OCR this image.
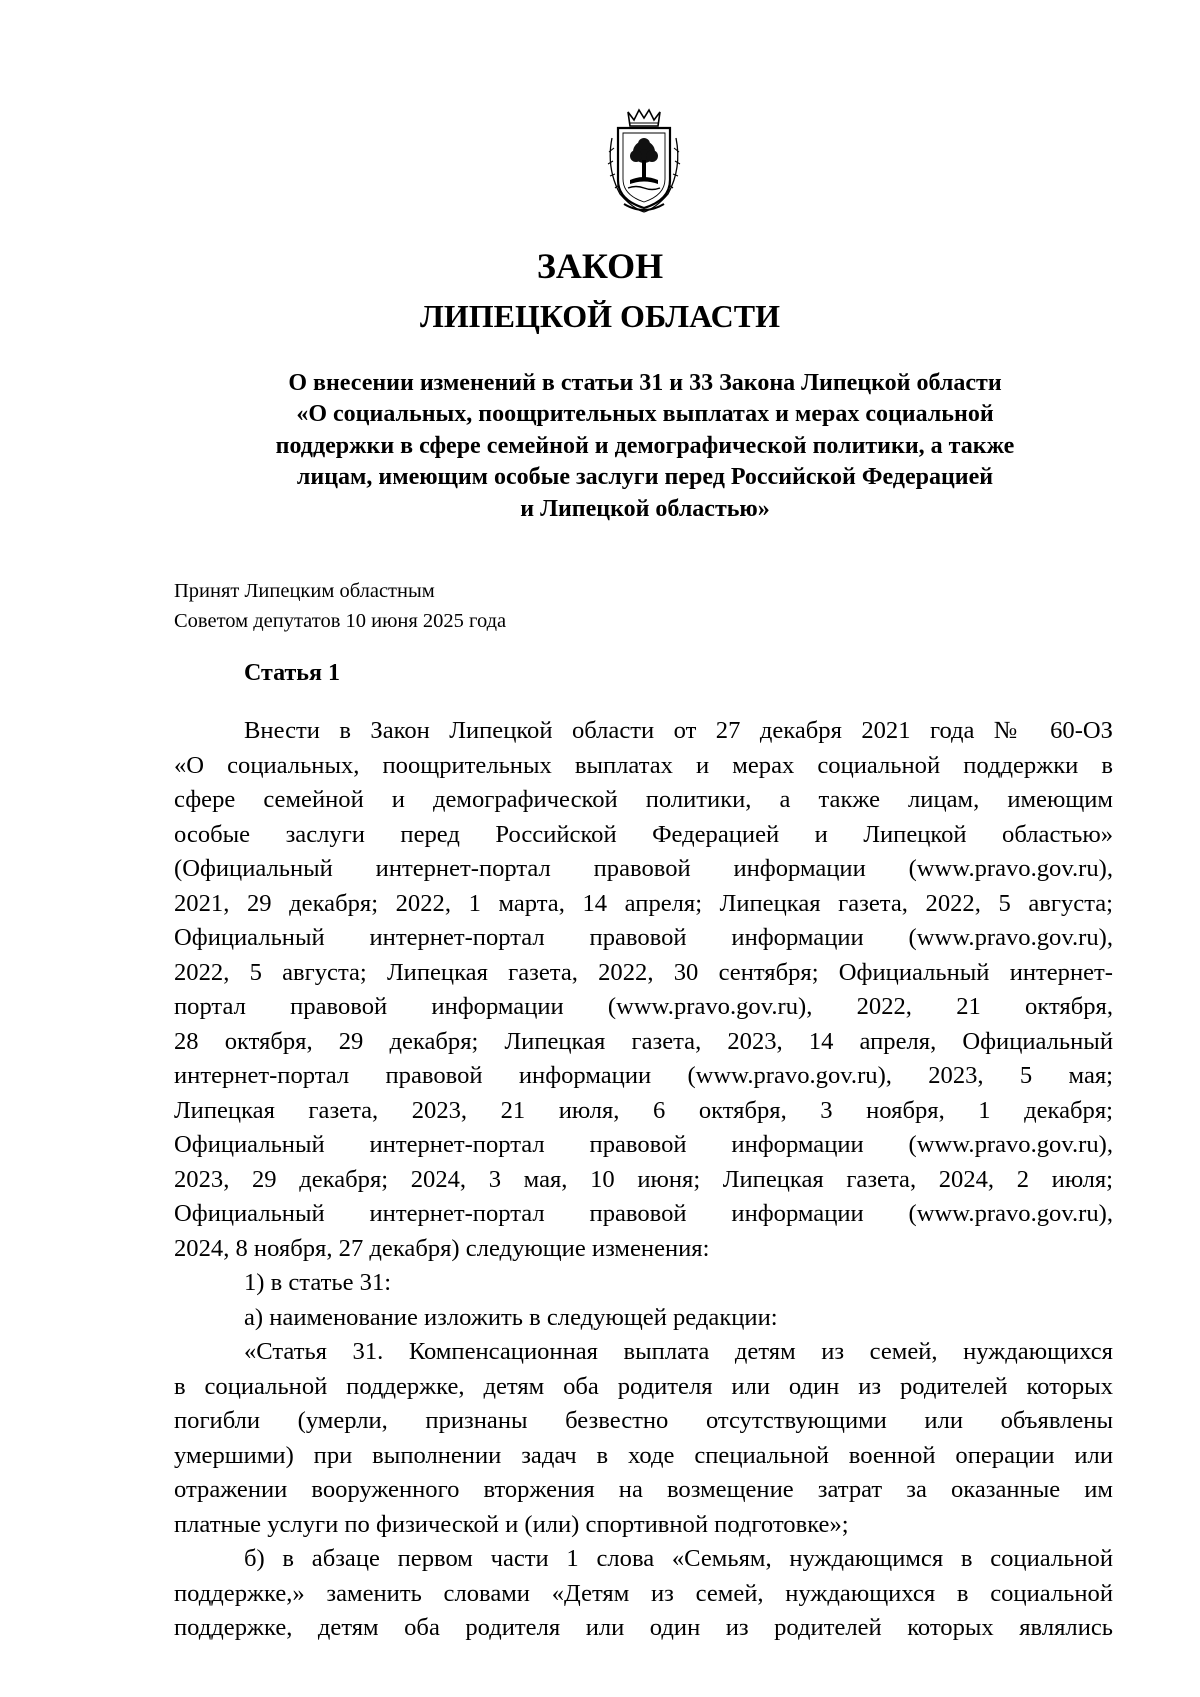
ЗАКОН
ЛИПЕЦКОЙ ОБЛАСТИ
О внесении изменений в статьи 31 и 33 Закона Липецкой области
«О социальных, поощрительных выплатах и мерах социальной
поддержки в сфере семейной и демографической политики, а также
лицам, имеющим особые заслуги перед Российской Федерацией
и Липецкой областью»
Принят Липецким областным
Советом депутатов 10 июня 2025 года
Статья 1
Внести в Закон Липецкой области от 27 декабря 2021 года № 60-ОЗ
«О социальных, поощрительных выплатах и мерах социальной поддержки в
сфере семейной и демографической политики, а также лицам, имеющим
особые заслуги перед Российской Федерацией и Липецкой областью»
(Официальный интернет-портал правовой информации (www.pravo.gov.ru),
2021, 29 декабря; 2022, 1 марта, 14 апреля; Липецкая газета, 2022, 5 августа;
Официальный интернет-портал правовой информации (www.pravo.gov.ru),
2022, 5 августа; Липецкая газета, 2022, 30 сентября; Официальный интернет-
портал правовой информации (www.pravo.gov.ru), 2022, 21 октября,
28 октября, 29 декабря; Липецкая газета, 2023, 14 апреля, Официальный
интернет-портал правовой информации (www.pravo.gov.ru), 2023, 5 мая;
Липецкая газета, 2023, 21 июля, 6 октября, 3 ноября, 1 декабря;
Официальный интернет-портал правовой информации (www.pravo.gov.ru),
2023, 29 декабря; 2024, 3 мая, 10 июня; Липецкая газета, 2024, 2 июля;
Официальный интернет-портал правовой информации (www.pravo.gov.ru),
2024, 8 ноября, 27 декабря) следующие изменения:
1) в статье 31:
а) наименование изложить в следующей редакции:
«Статья 31. Компенсационная выплата детям из семей, нуждающихся
в социальной поддержке, детям оба родителя или один из родителей которых
погибли (умерли, признаны безвестно отсутствующими или объявлены
умершими) при выполнении задач в ходе специальной военной операции или
отражении вооруженного вторжения на возмещение затрат за оказанные им
платные услуги по физической и (или) спортивной подготовке»;
б) в абзаце первом части 1 слова «Семьям, нуждающимся в социальной
поддержке,» заменить словами «Детям из семей, нуждающихся в социальной
поддержке, детям оба родителя или один из родителей которых являлись
